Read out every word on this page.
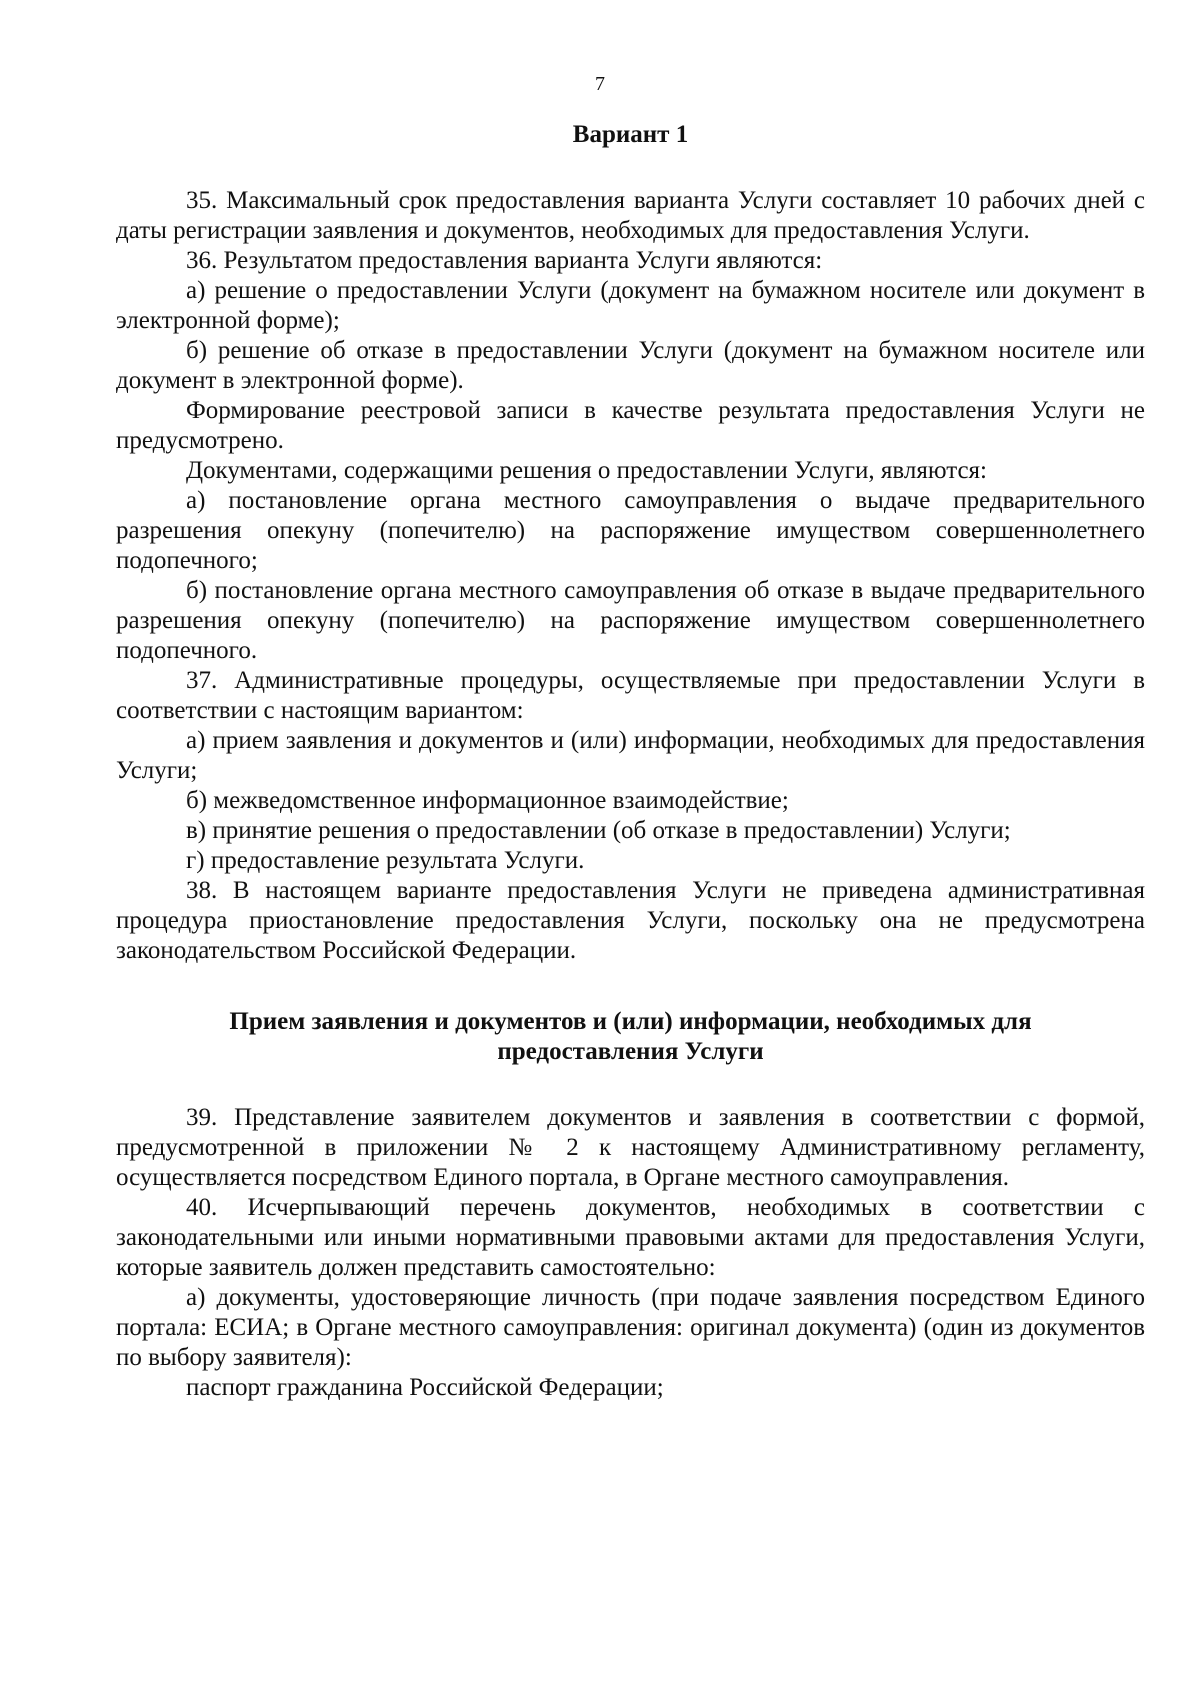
7

Вариант 1

35. Максимальный срок предоставления варианта Услуги составляет 10 рабочих дней с даты регистрации заявления и документов, необходимых для предоставления Услуги.

36. Результатом предоставления варианта Услуги являются:

а) решение о предоставлении Услуги (документ на бумажном носителе или документ в электронной форме);

б) решение об отказе в предоставлении Услуги (документ на бумажном носителе или документ в электронной форме).

Формирование реестровой записи в качестве результата предоставления Услуги не предусмотрено.

Документами, содержащими решения о предоставлении Услуги, являются:

а) постановление органа местного самоуправления о выдаче предварительного разрешения опекуну (попечителю) на распоряжение имуществом совершеннолетнего подопечного;

б) постановление органа местного самоуправления об отказе в выдаче предварительного разрешения опекуну (попечителю) на распоряжение имуществом совершеннолетнего подопечного.

37. Административные процедуры, осуществляемые при предоставлении Услуги в соответствии с настоящим вариантом:

а) прием заявления и документов и (или) информации, необходимых для предоставления Услуги;

б) межведомственное информационное взаимодействие;

в) принятие решения о предоставлении (об отказе в предоставлении) Услуги;

г) предоставление результата Услуги.

38. В настоящем варианте предоставления Услуги не приведена административная процедура приостановление предоставления Услуги, поскольку она не предусмотрена законодательством Российской Федерации.

Прием заявления и документов и (или) информации, необходимых для
предоставления Услуги

39. Представление заявителем документов и заявления в соответствии с формой, предусмотренной в приложении № 2 к настоящему Административному регламенту, осуществляется посредством Единого портала, в Органе местного самоуправления.

40. Исчерпывающий перечень документов, необходимых в соответствии с законодательными или иными нормативными правовыми актами для предоставления Услуги, которые заявитель должен представить самостоятельно:

а) документы, удостоверяющие личность (при подаче заявления посредством Единого портала: ЕСИА; в Органе местного самоуправления: оригинал документа) (один из документов по выбору заявителя):

паспорт гражданина Российской Федерации;
